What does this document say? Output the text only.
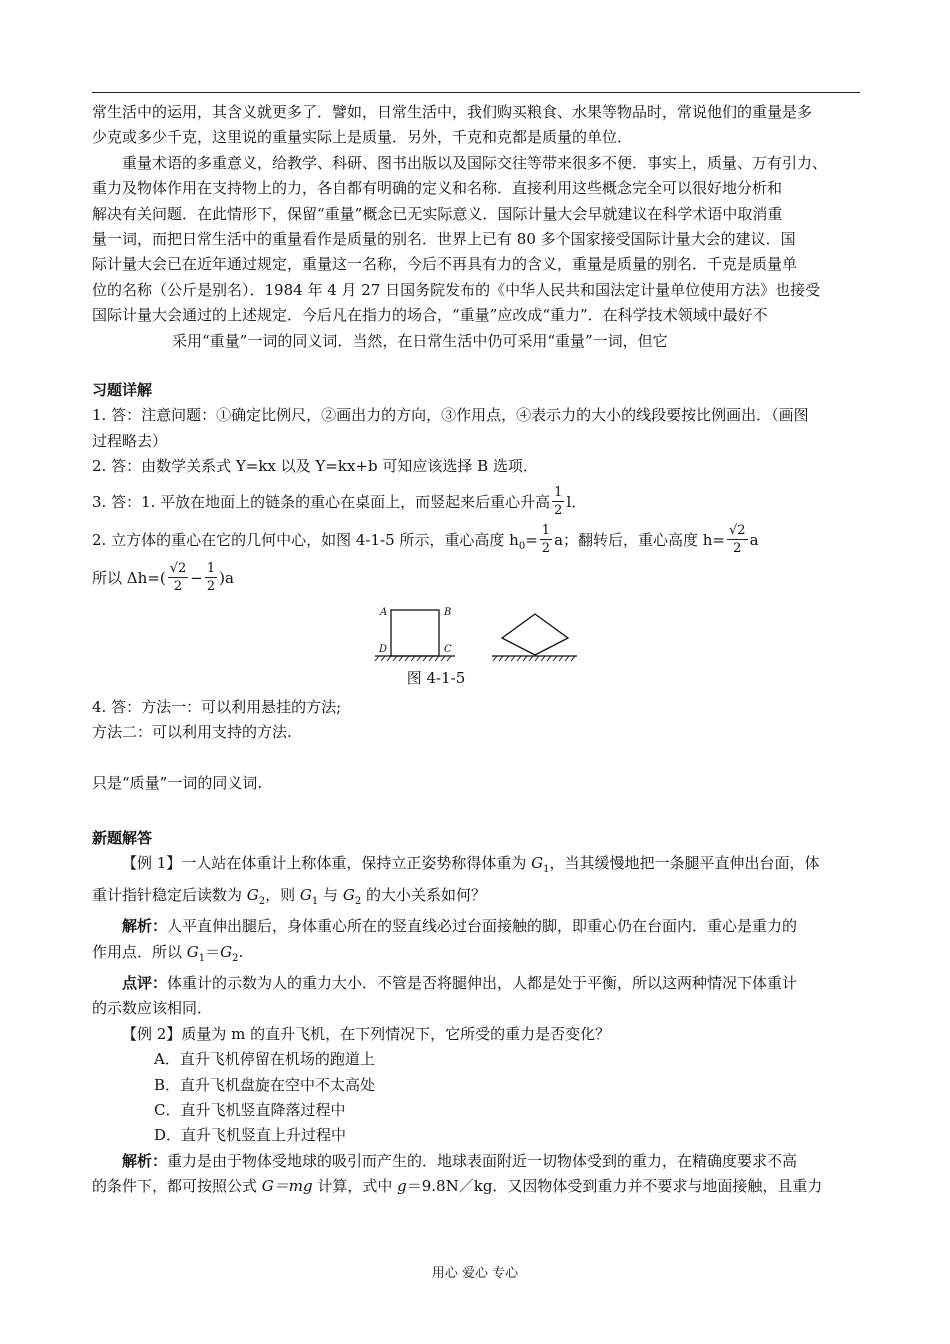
常生活中的运用，其含义就更多了．譬如，日常生活中，我们购买粮食、水果等物品时，常说他们的重量是多
少克或多少千克，这里说的重量实际上是质量．另外，千克和克都是质量的单位．
重量术语的多重意义，给教学、科研、图书出版以及国际交往等带来很多不便．事实上，质量、万有引力、
重力及物体作用在支持物上的力，各自都有明确的定义和名称．直接利用这些概念完全可以很好地分析和
解决有关问题．在此情形下，保留“重量”概念已无实际意义．国际计量大会早就建议在科学术语中取消重
量一词，而把日常生活中的重量看作是质量的别名．世界上已有 80 多个国家接受国际计量大会的建议．国
际计量大会已在近年通过规定，重量这一名称，今后不再具有力的含义，重量是质量的别名．千克是质量单
位的名称（公斤是别名）．1984 年 4 月 27 日国务院发布的《中华人民共和国法定计量单位使用方法》也接受
国际计量大会通过的上述规定．今后凡在指力的场合，“重量”应改成“重力”．在科学技术领域中最好不
采用“重量”一词的同义词．当然，在日常生活中仍可采用“重量”一词，但它
习题详解
1. 答：注意问题：①确定比例尺，②画出力的方向，③作用点，④表示力的大小的线段要按比例画出．（画图
过程略去）
2. 答：由数学关系式 Y=kx 以及 Y=kx+b 可知应该选择 B 选项．
3. 答：1. 平放在地面上的链条的重心在桌面上，而竖起来后重心升高 $\frac{1}{2}$ l．
2. 立方体的重心在它的几何中心，如图 4-1-5 所示，重心高度 $h_0= \frac{1}{2}$ a；翻转后，重心高度 $h= \frac{√2}{2}$ a
所以 $\Delta h=( \frac{√2}{2} - \frac{1}{2} )a$
A	B
C
D
图 4-1-5
4. 答：方法一：可以利用悬挂的方法;
方法二：可以利用支持的方法.
只是“质量”一词的同义词.
新题解答
【例 1】一人站在体重计上称体重，保持立正姿势称得体重为 $G_1$，当其缓慢地把一条腿平直伸出台面，体
重计指针稳定后读数为 $G_2$，则 $G_1$ 与 $G_2$ 的大小关系如何？
解析：人平直伸出腿后，身体重心所在的竖直线必过台面接触的脚，即重心仍在台面内．重心是重力的
作用点．所以 $G_1=G_2$.
点评：体重计的示数为人的重力大小．不管是否将腿伸出，人都是处于平衡，所以这两种情况下体重计
的示数应该相同．
【例 2】质量为 m 的直升飞机，在下列情况下，它所受的重力是否变化？
A．直升飞机停留在机场的跑道上
B．直升飞机盘旋在空中不太高处
C．直升飞机竖直降落过程中
D．直升飞机竖直上升过程中
解析：重力是由于物体受地球的吸引而产生的．地球表面附近一切物体受到的重力，在精确度要求不高
的条件下，都可按照公式 G＝mg 计算，式中 g＝9.8N／kg．又因物体受到重力并不要求与地面接触，且重力
用心 爱心 专心
